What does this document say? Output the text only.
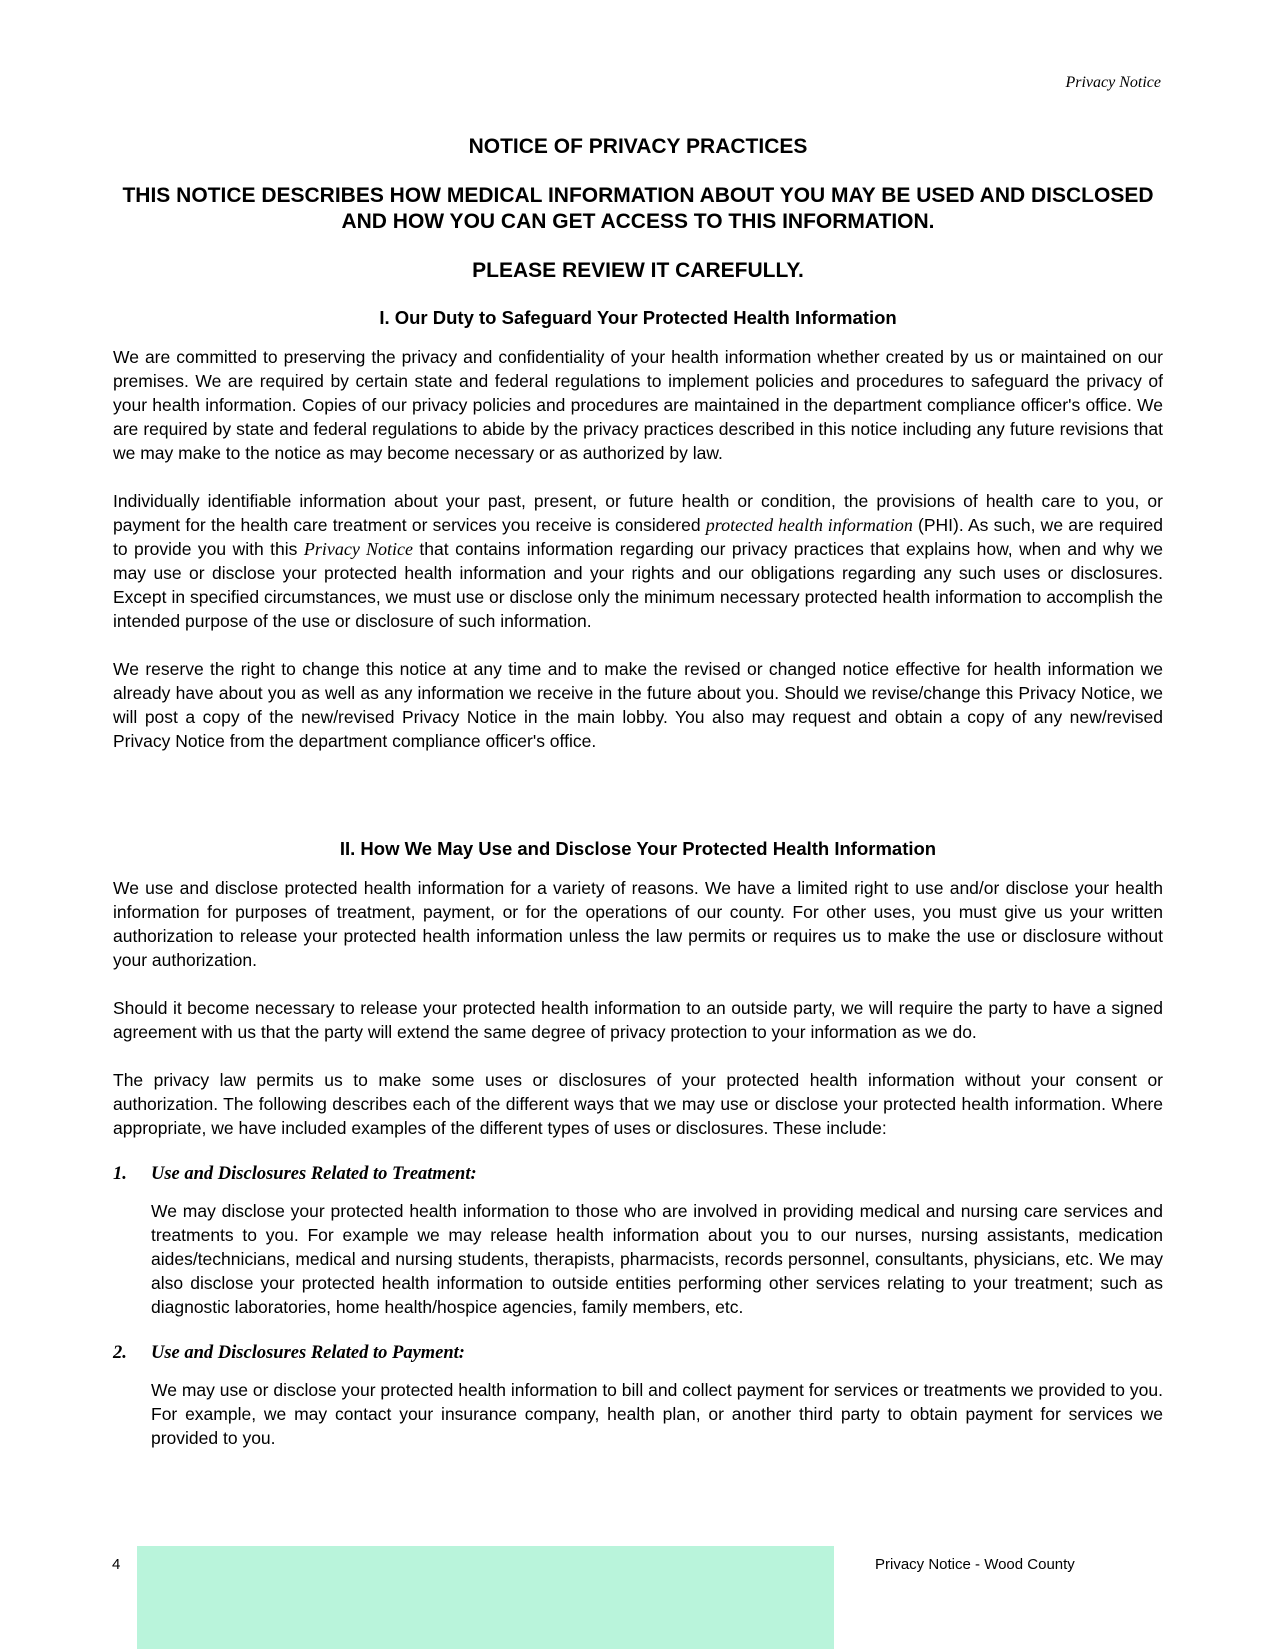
Privacy Notice
NOTICE OF PRIVACY PRACTICES
THIS NOTICE DESCRIBES HOW MEDICAL INFORMATION ABOUT YOU MAY BE USED AND DISCLOSED AND HOW YOU CAN GET ACCESS TO THIS INFORMATION.
PLEASE REVIEW IT CAREFULLY.
I. Our Duty to Safeguard Your Protected Health Information

We are committed to preserving the privacy and confidentiality of your health information whether created by us or maintained on our premises. We are required by certain state and federal regulations to implement policies and procedures to safeguard the privacy of your health information. Copies of our privacy policies and procedures are maintained in the department compliance officer's office. We are required by state and federal regulations to abide by the privacy practices described in this notice including any future revisions that we may make to the notice as may become necessary or as authorized by law.

Individually identifiable information about your past, present, or future health or condition, the provisions of health care to you, or payment for the health care treatment or services you receive is considered protected health information (PHI). As such, we are required to provide you with this Privacy Notice that contains information regarding our privacy practices that explains how, when and why we may use or disclose your protected health information and your rights and our obligations regarding any such uses or disclosures. Except in specified circumstances, we must use or disclose only the minimum necessary protected health information to accomplish the intended purpose of the use or disclosure of such information.

We reserve the right to change this notice at any time and to make the revised or changed notice effective for health information we already have about you as well as any information we receive in the future about you. Should we revise/change this Privacy Notice, we will post a copy of the new/revised Privacy Notice in the main lobby. You also may request and obtain a copy of any new/revised Privacy Notice from the department compliance officer's office.

II. How We May Use and Disclose Your Protected Health Information

We use and disclose protected health information for a variety of reasons. We have a limited right to use and/or disclose your health information for purposes of treatment, payment, or for the operations of our county. For other uses, you must give us your written authorization to release your protected health information unless the law permits or requires us to make the use or disclosure without your authorization.

Should it become necessary to release your protected health information to an outside party, we will require the party to have a signed agreement with us that the party will extend the same degree of privacy protection to your information as we do.

The privacy law permits us to make some uses or disclosures of your protected health information without your consent or authorization. The following describes each of the different ways that we may use or disclose your protected health information. Where appropriate, we have included examples of the different types of uses or disclosures. These include:

1.	Use and Disclosures Related to Treatment:

We may disclose your protected health information to those who are involved in providing medical and nursing care services and treatments to you. For example we may release health information about you to our nurses, nursing assistants, medication aides/technicians, medical and nursing students, therapists, pharmacists, records personnel, consultants, physicians, etc. We may also disclose your protected health information to outside entities performing other services relating to your treatment; such as diagnostic laboratories, home health/hospice agencies, family members, etc.

2.	Use and Disclosures Related to Payment:

We may use or disclose your protected health information to bill and collect payment for services or treatments we provided to you. For example, we may contact your insurance company, health plan, or another third party to obtain payment for services we provided to you.

4	Privacy Notice - Wood County
